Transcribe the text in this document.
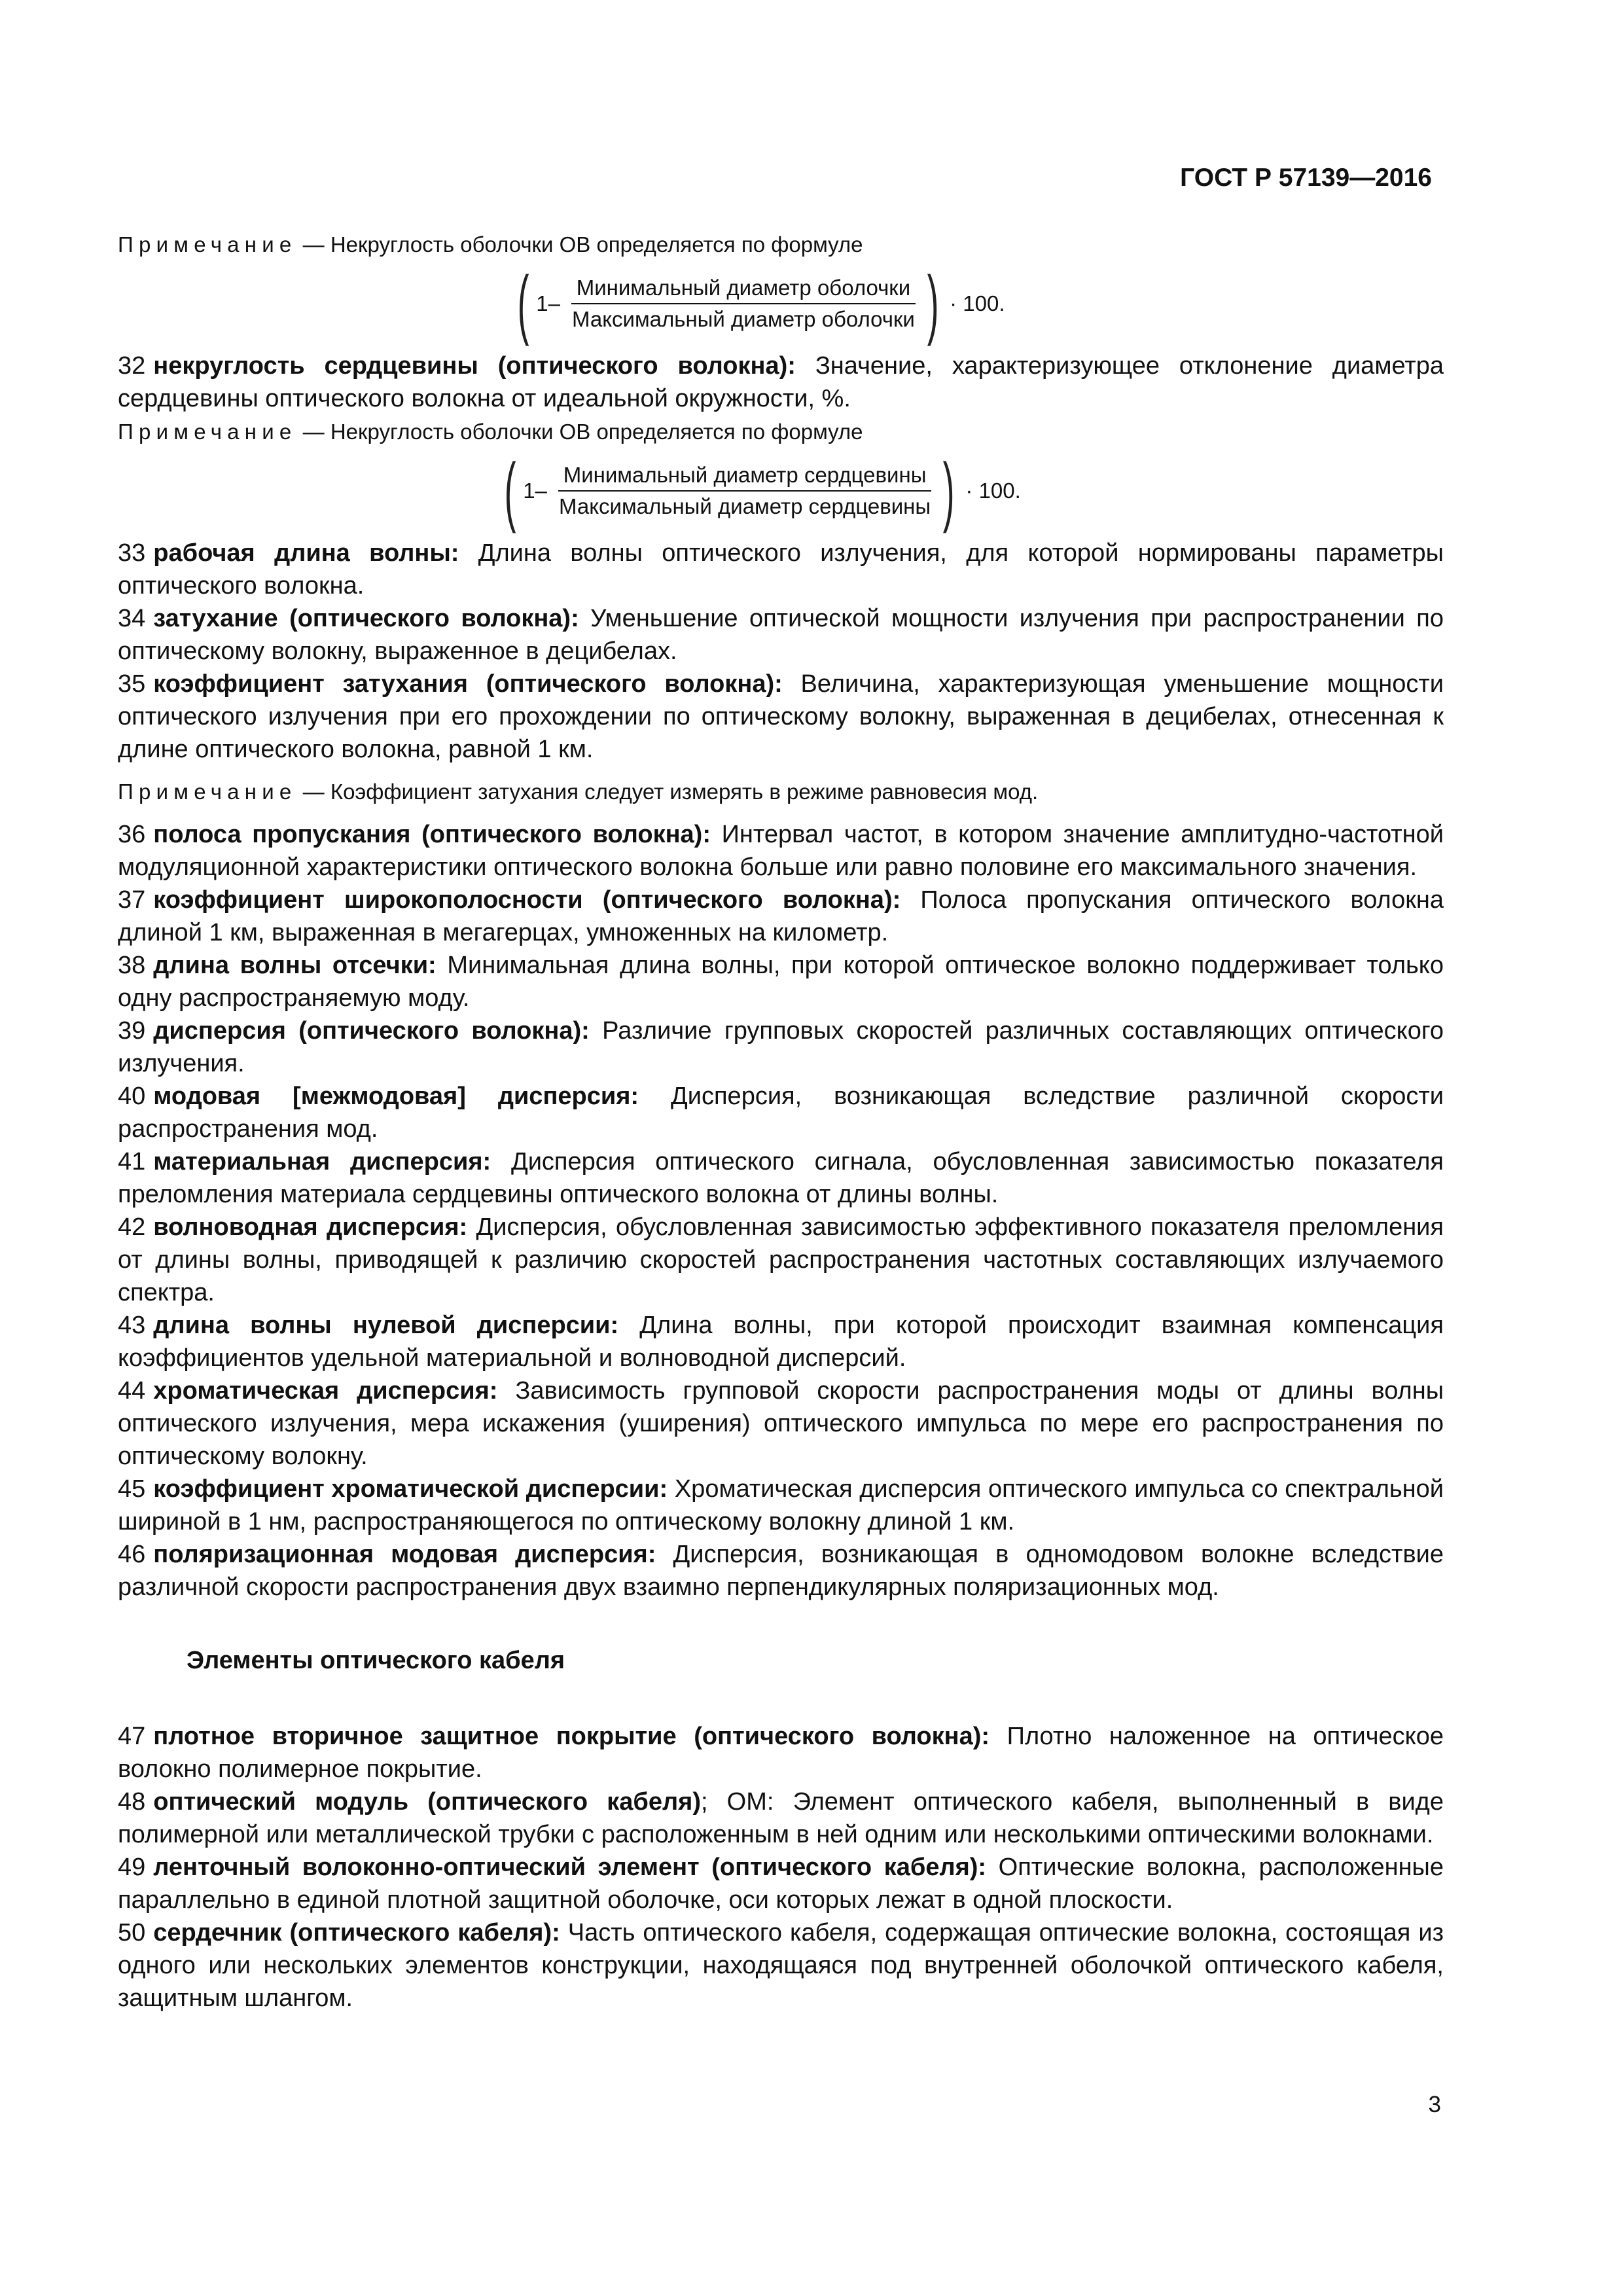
ГОСТ Р 57139—2016

Примечание — Некруглость оболочки ОВ определяется по формуле

( $1- \frac{\text{Минимальный диаметр оболочки}}{\text{Максимальный диаметр оболочки}}$ ) · 100.

32 некруглость сердцевины (оптического волокна): Значение, характеризующее отклонение диаметра сердцевины оптического волокна от идеальной окружности, %.

Примечание — Некруглость оболочки ОВ определяется по формуле

( $1- \frac{\text{Минимальный диаметр сердцевины}}{\text{Максимальный диаметр сердцевины}}$ ) · 100.

33 рабочая длина волны: Длина волны оптического излучения, для которой нормированы параметры оптического волокна.

34 затухание (оптического волокна): Уменьшение оптической мощности излучения при распространении по оптическому волокну, выраженное в децибелах.

35 коэффициент затухания (оптического волокна): Величина, характеризующая уменьшение мощности оптического излучения при его прохождении по оптическому волокну, выраженная в децибелах, отнесенная к длине оптического волокна, равной 1 км.

Примечание — Коэффициент затухания следует измерять в режиме равновесия мод.

36 полоса пропускания (оптического волокна): Интервал частот, в котором значение амплитудно-частотной модуляционной характеристики оптического волокна больше или равно половине его максимального значения.

37 коэффициент широкополосности (оптического волокна): Полоса пропускания оптического волокна длиной 1 км, выраженная в мегагерцах, умноженных на километр.

38 длина волны отсечки: Минимальная длина волны, при которой оптическое волокно поддерживает только одну распространяемую моду.

39 дисперсия (оптического волокна): Различие групповых скоростей различных составляющих оптического излучения.

40 модовая [межмодовая] дисперсия: Дисперсия, возникающая вследствие различной скорости распространения мод.

41 материальная дисперсия: Дисперсия оптического сигнала, обусловленная зависимостью показателя преломления материала сердцевины оптического волокна от длины волны.

42 волноводная дисперсия: Дисперсия, обусловленная зависимостью эффективного показателя преломления от длины волны, приводящей к различию скоростей распространения частотных составляющих излучаемого спектра.

43 длина волны нулевой дисперсии: Длина волны, при которой происходит взаимная компенсация коэффициентов удельной материальной и волноводной дисперсий.

44 хроматическая дисперсия: Зависимость групповой скорости распространения моды от длины волны оптического излучения, мера искажения (уширения) оптического импульса по мере его распространения по оптическому волокну.

45 коэффициент хроматической дисперсии: Хроматическая дисперсия оптического импульса со спектральной шириной в 1 нм, распространяющегося по оптическому волокну длиной 1 км.

46 поляризационная модовая дисперсия: Дисперсия, возникающая в одномодовом волокне вследствие различной скорости распространения двух взаимно перпендикулярных поляризационных мод.

Элементы оптического кабеля

47 плотное вторичное защитное покрытие (оптического волокна): Плотно наложенное на оптическое волокно полимерное покрытие.

48 оптический модуль (оптического кабеля); ОМ: Элемент оптического кабеля, выполненный в виде полимерной или металлической трубки с расположенным в ней одним или несколькими оптическими волокнами.

49 ленточный волоконно-оптический элемент (оптического кабеля): Оптические волокна, расположенные параллельно в единой плотной защитной оболочке, оси которых лежат в одной плоскости.

50 сердечник (оптического кабеля): Часть оптического кабеля, содержащая оптические волокна, состоящая из одного или нескольких элементов конструкции, находящаяся под внутренней оболочкой оптического кабеля, защитным шлангом.

3
